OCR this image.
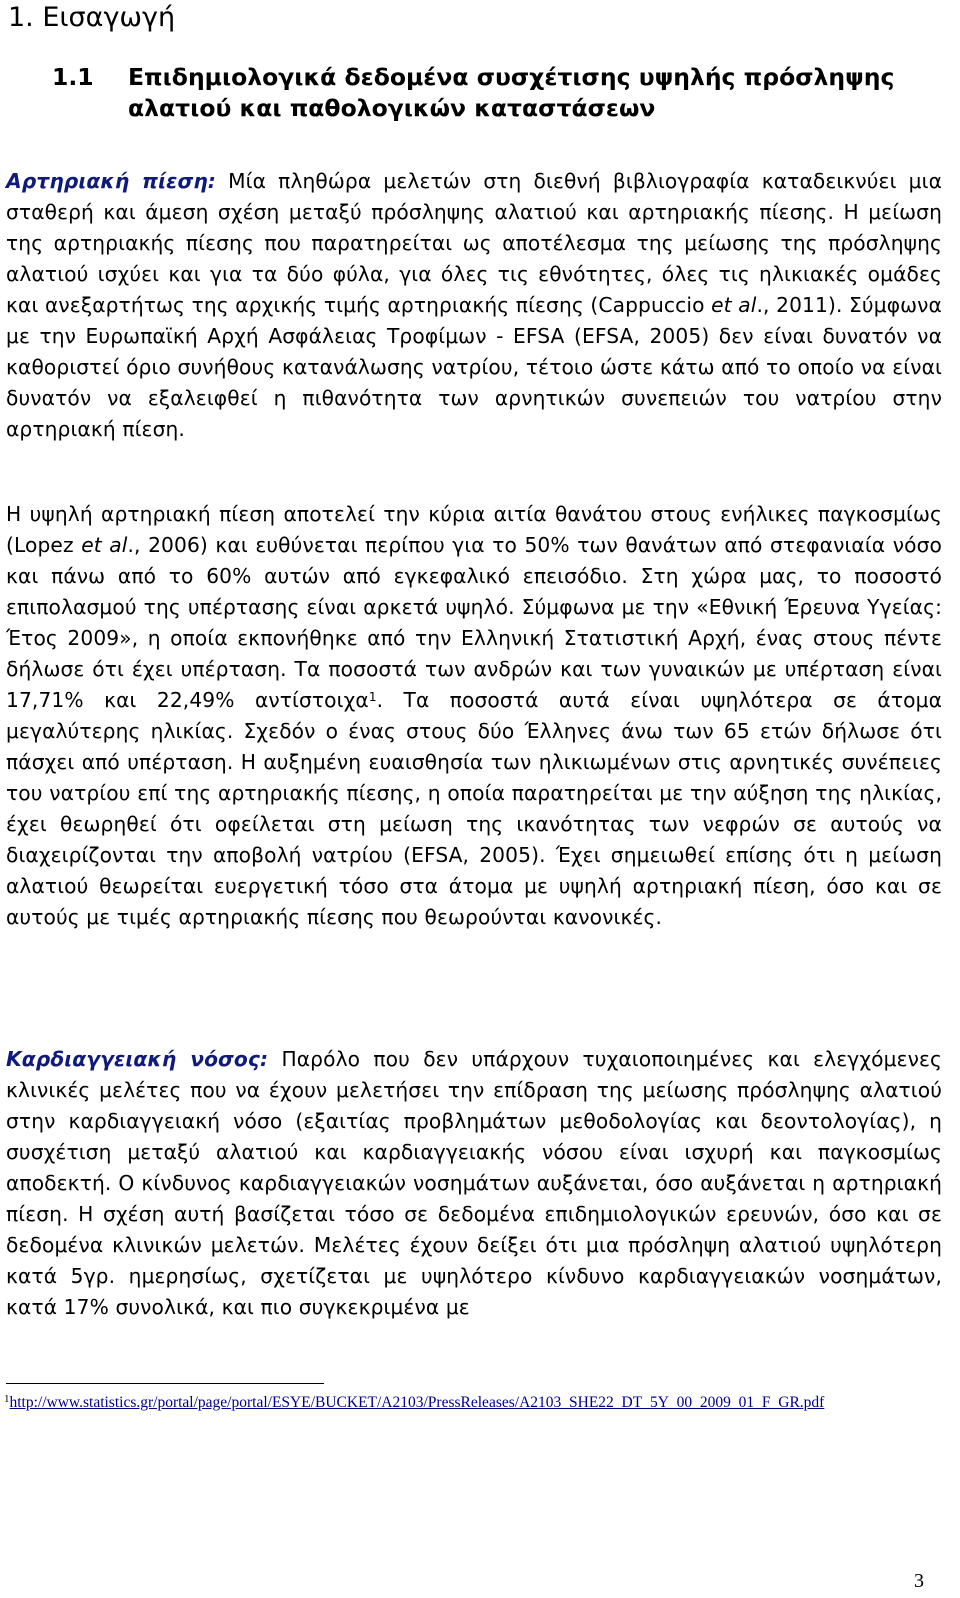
1. Εισαγωγή
1.1 Επιδημιολογικά δεδομένα συσχέτισης υψηλής πρόσληψης αλατιού και παθολογικών καταστάσεων

Αρτηριακή πίεση: Μία πληθώρα μελετών στη διεθνή βιβλιογραφία καταδεικνύει μια σταθερή και άμεση σχέση μεταξύ πρόσληψης αλατιού και αρτηριακής πίεσης. Η μείωση της αρτηριακής πίεσης που παρατηρείται ως αποτέλεσμα της μείωσης της πρόσληψης αλατιού ισχύει και για τα δύο φύλα, για όλες τις εθνότητες, όλες τις ηλικιακές ομάδες και ανεξαρτήτως της αρχικής τιμής αρτηριακής πίεσης (Cappuccio et al., 2011). Σύμφωνα με την Ευρωπαϊκή Αρχή Ασφάλειας Τροφίμων - EFSA (EFSA, 2005) δεν είναι δυνατόν να καθοριστεί όριο συνήθους κατανάλωσης νατρίου, τέτοιο ώστε κάτω από το οποίο να είναι δυνατόν να εξαλειφθεί η πιθανότητα των αρνητικών συνεπειών του νατρίου στην αρτηριακή πίεση.

Η υψηλή αρτηριακή πίεση αποτελεί την κύρια αιτία θανάτου στους ενήλικες παγκοσμίως (Lopez et al., 2006) και ευθύνεται περίπου για το 50% των θανάτων από στεφανιαία νόσο και πάνω από το 60% αυτών από εγκεφαλικό επεισόδιο. Στη χώρα μας, το ποσοστό επιπολασμού της υπέρτασης είναι αρκετά υψηλό. Σύμφωνα με την «Εθνική Έρευνα Υγείας: Έτος 2009», η οποία εκπονήθηκε από την Ελληνική Στατιστική Αρχή, ένας στους πέντε δήλωσε ότι έχει υπέρταση. Τα ποσοστά των ανδρών και των γυναικών με υπέρταση είναι 17,71% και 22,49% αντίστοιχα$^1$. Τα ποσοστά αυτά είναι υψηλότερα σε άτομα μεγαλύτερης ηλικίας. Σχεδόν ο ένας στους δύο Έλληνες άνω των 65 ετών δήλωσε ότι πάσχει από υπέρταση. Η αυξημένη ευαισθησία των ηλικιωμένων στις αρνητικές συνέπειες του νατρίου επί της αρτηριακής πίεσης, η οποία παρατηρείται με την αύξηση της ηλικίας, έχει θεωρηθεί ότι οφείλεται στη μείωση της ικανότητας των νεφρών σε αυτούς να διαχειρίζονται την αποβολή νατρίου (EFSA, 2005). Έχει σημειωθεί επίσης ότι η μείωση αλατιού θεωρείται ευεργετική τόσο στα άτομα με υψηλή αρτηριακή πίεση, όσο και σε αυτούς με τιμές αρτηριακής πίεσης που θεωρούνται κανονικές.

Καρδιαγγειακή νόσος: Παρόλο που δεν υπάρχουν τυχαιοποιημένες και ελεγχόμενες κλινικές μελέτες που να έχουν μελετήσει την επίδραση της μείωσης πρόσληψης αλατιού στην καρδιαγγειακή νόσο (εξαιτίας προβλημάτων μεθοδολογίας και δεοντολογίας), η συσχέτιση μεταξύ αλατιού και καρδιαγγειακής νόσου είναι ισχυρή και παγκοσμίως αποδεκτή. Ο κίνδυνος καρδιαγγειακών νοσημάτων αυξάνεται, όσο αυξάνεται η αρτηριακή πίεση. Η σχέση αυτή βασίζεται τόσο σε δεδομένα επιδημιολογικών ερευνών, όσο και σε δεδομένα κλινικών μελετών. Μελέτες έχουν δείξει ότι μια πρόσληψη αλατιού υψηλότερη κατά 5γρ. ημερησίως, σχετίζεται με υψηλότερο κίνδυνο καρδιαγγειακών νοσημάτων, κατά 17% συνολικά, και πιο συγκεκριμένα με

$^1$http://www.statistics.gr/portal/page/portal/ESYE/BUCKET/A2103/PressReleases/A2103_SHE22_DT_5Y_00_2009_01_F_GR.pdf
3
